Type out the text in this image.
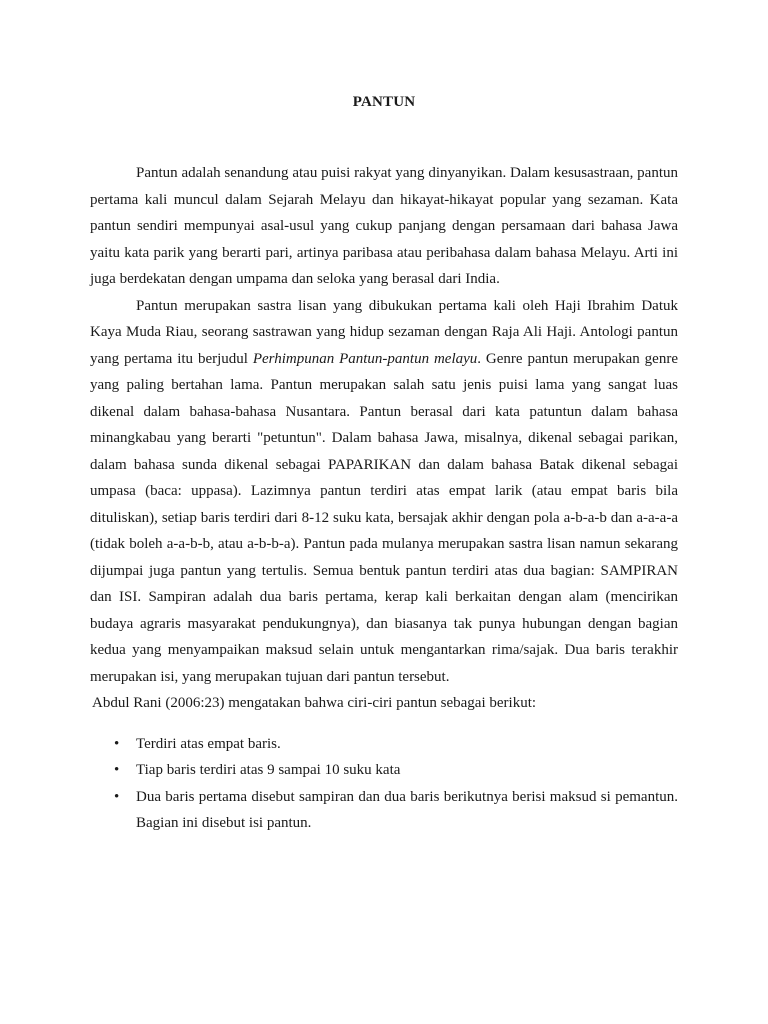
PANTUN

Pantun adalah senandung atau puisi rakyat yang dinyanyikan. Dalam kesusastraan, pantun pertama kali muncul dalam Sejarah Melayu dan hikayat-hikayat popular yang sezaman. Kata pantun sendiri mempunyai asal-usul yang cukup panjang dengan persamaan dari bahasa Jawa yaitu kata parik yang berarti pari, artinya paribasa atau peribahasa dalam bahasa Melayu. Arti ini juga berdekatan dengan umpama dan seloka yang berasal dari India.

Pantun merupakan sastra lisan yang dibukukan pertama kali oleh Haji Ibrahim Datuk Kaya Muda Riau, seorang sastrawan yang hidup sezaman dengan Raja Ali Haji. Antologi pantun yang pertama itu berjudul Perhimpunan Pantun-pantun melayu. Genre pantun merupakan genre yang paling bertahan lama. Pantun merupakan salah satu jenis puisi lama yang sangat luas dikenal dalam bahasa-bahasa Nusantara. Pantun berasal dari kata patuntun dalam bahasa minangkabau yang berarti "petuntun". Dalam bahasa Jawa, misalnya, dikenal sebagai parikan, dalam bahasa sunda dikenal sebagai PAPARIKAN dan dalam bahasa Batak dikenal sebagai umpasa (baca: uppasa). Lazimnya pantun terdiri atas empat larik (atau empat baris bila dituliskan), setiap baris terdiri dari 8-12 suku kata, bersajak akhir dengan pola a-b-a-b dan a-a-a-a (tidak boleh a-a-b-b, atau a-b-b-a). Pantun pada mulanya merupakan sastra lisan namun sekarang dijumpai juga pantun yang tertulis. Semua bentuk pantun terdiri atas dua bagian: SAMPIRAN dan ISI. Sampiran adalah dua baris pertama, kerap kali berkaitan dengan alam (mencirikan budaya agraris masyarakat pendukungnya), dan biasanya tak punya hubungan dengan bagian kedua yang menyampaikan maksud selain untuk mengantarkan rima/sajak. Dua baris terakhir merupakan isi, yang merupakan tujuan dari pantun tersebut.

Abdul Rani (2006:23) mengatakan bahwa ciri-ciri pantun sebagai berikut:

• Terdiri atas empat baris.
• Tiap baris terdiri atas 9 sampai 10 suku kata
• Dua baris pertama disebut sampiran dan dua baris berikutnya berisi maksud si pemantun. Bagian ini disebut isi pantun.
